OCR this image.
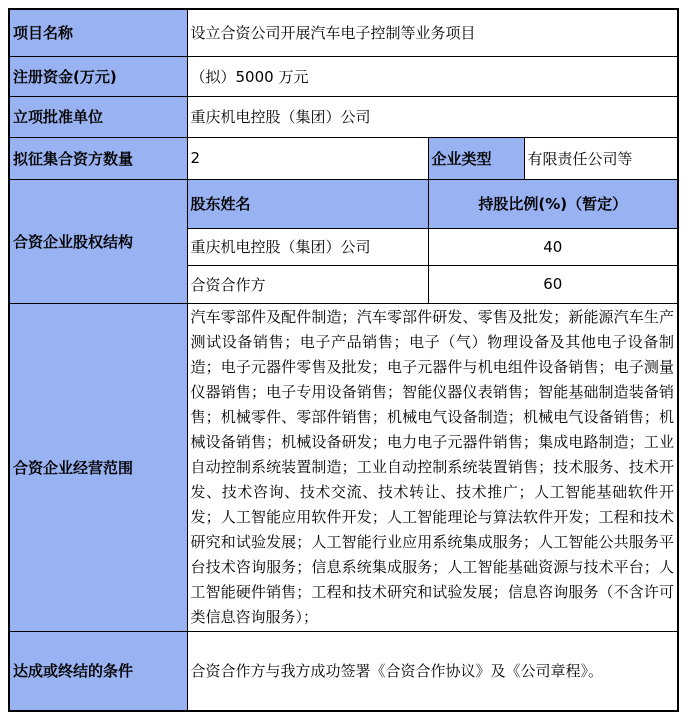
项目名称	设立合资公司开展汽车电子控制等业务项目		
注册资金(万元)	（拟）5000 万元		
立项批准单位	重庆机电控股（集团）公司		
拟征集合资方数量	2	企业类型	有限责任公司等
合资企业股权结构	股东姓名	持股比例(%)（暂定）	
	重庆机电控股（集团）公司	40	
	合资合作方	60	
合资企业经营范围	汽车零部件及配件制造；汽车零部件研发、零售及批发；新能源汽车生产测试设备销售；电子产品销售；电子（气）物理设备及其他电子设备制造；电子元器件零售及批发；电子元器件与机电组件设备销售；电子测量仪器销售；电子专用设备销售；智能仪器仪表销售；智能基础制造装备销售；机械零件、零部件销售；机械电气设备制造；机械电气设备销售；机械设备销售；机械设备研发；电力电子元器件销售；集成电路制造；工业自动控制系统装置制造；工业自动控制系统装置销售；技术服务、技术开发、技术咨询、技术交流、技术转让、技术推广；人工智能基础软件开发；人工智能应用软件开发；人工智能理论与算法软件开发；工程和技术研究和试验发展；人工智能行业应用系统集成服务；人工智能公共服务平台技术咨询服务；信息系统集成服务；人工智能基础资源与技术平台；人工智能硬件销售；工程和技术研究和试验发展；信息咨询服务（不含许可类信息咨询服务）；		
达成或终结的条件	合资合作方与我方成功签署《合资合作协议》及《公司章程》。		
